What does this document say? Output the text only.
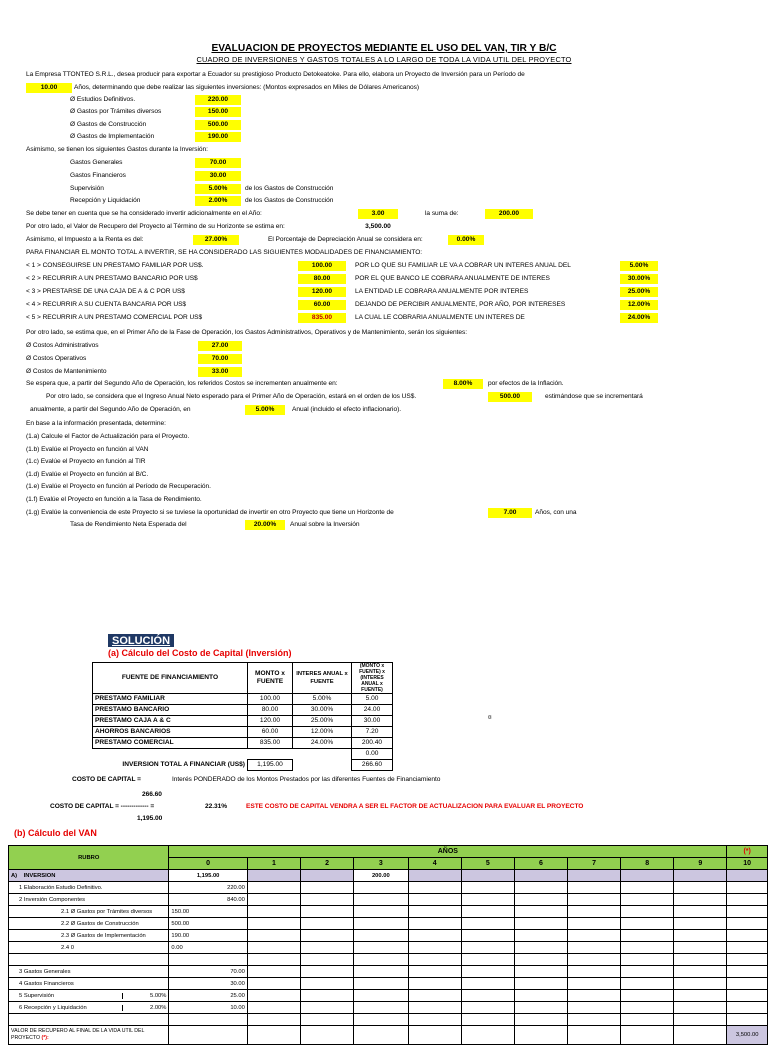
EVALUACION DE PROYECTOS MEDIANTE EL USO DEL VAN, TIR Y B/C
CUADRO DE INVERSIONES Y GASTOS TOTALES A LO LARGO DE TODA LA VIDA UTIL DEL PROYECTO
La Empresa TTONTEO S.R.L., desea producir para exportar a Ecuador su prestigioso Producto Detokeatoke. Para ello, elabora un Proyecto de Inversión para un Período de
10.00	Años, determinando que debe realizar las siguientes inversiones: (Montos expresados en Miles de Dólares Americanos)
Ø Estudios Definitivos.	220.00
Ø Gastos por Trámites diversos	150.00
Ø Gastos de Construcción	500.00
Ø Gastos de Implementación	190.00
Asimismo, se tienen los siguientes Gastos durante la Inversión:
Gastos Generales	70.00
Gastos Financieros	30.00
Supervisión	5.00%	de los Gastos de Construcción
Recepción y Liquidación	2.00%	de los Gastos de Construcción
Se debe tener en cuenta que se ha considerado invertir adicionalmente en el Año:	3.00	la suma de:	200.00
Por otro lado, el Valor de Recupero del Proyecto al Término de su Horizonte se estima en:	3,500.00
Asimismo, el Impuesto a la Renta es del:	27.00%	El Porcentaje de Depreciación Anual se considera en:	0.00%
PARA FINANCIAR EL MONTO TOTAL A INVERTIR, SE HA CONSIDERADO LAS SIGUIENTES MODALIDADES DE FINANCIAMIENTO:
< 1 > CONSEGUIRSE UN PRESTAMO FAMILIAR POR US$.	100.00	POR LO QUE SU FAMILIAR LE VA A COBRAR UN INTERES ANUAL DEL	5.00%
< 2 > RECURRIR A UN PRESTAMO BANCARIO POR US$	80.00	POR EL QUE BANCO LE COBRARA ANUALMENTE DE INTERES	30.00%
< 3 > PRESTARSE DE UNA CAJA DE A & C POR US$	120.00	LA ENTIDAD LE COBRARA ANUALMENTE POR INTERES	25.00%
< 4 > RECURRIR A SU CUENTA BANCARIA POR US$	60.00	DEJANDO DE PERCIBIR ANUALMENTE, POR AÑO, POR INTERESES	12.00%
< 5 > RECURRIR A UN PRESTAMO COMERCIAL POR US$	835.00	LA CUAL LE COBRARIA ANUALMENTE UN INTERES DE	24.00%
Por otro lado, se estima que, en el Primer Año de la Fase de Operación, los Gastos Administrativos, Operativos y de Mantenimiento, serán los siguientes:
Ø Costos Administrativos	27.00
Ø Costos Operativos	70.00
Ø Costos de Mantenimiento	33.00
Se espera que, a partir del Segundo Año de Operación, los referidos Costos se incrementen anualmente en:	8.00%	por efectos de la Inflación.
Por otro lado, se considera que el Ingreso Anual Neto esperado para el Primer Año de Operación, estará en el orden de los US$.	500.00	estimándose que se incrementará
anualmente, a partir del Segundo Año de Operación, en	5.00%	Anual (incluido el efecto inflacionario).
En base a la información presentada, determine:
(1.a) Calcule el Factor de Actualización para el Proyecto.
(1.b) Evalúe el Proyecto en función al VAN
(1.c) Evalúe el Proyecto en función al TIR
(1.d) Evalúe el Proyecto en función al B/C.
(1.e) Evalúe el Proyecto en función al Período de Recuperación.
(1.f) Evalúe el Proyecto en función a la Tasa de Rendimiento.
(1.g) Evalúe la conveniencia de este Proyecto si se tuviese la oportunidad de invertir en otro Proyecto que tiene un Horizonte de	7.00	Años, con una
Tasa de Rendimiento Neta Esperada del	20.00%	Anual sobre la Inversión
SOLUCIÓN
(a) Cálculo del Costo de Capital (Inversión)
FUENTE DE FINANCIAMIENTO	MONTO x FUENTE	INTERES ANUAL x FUENTE	(MONTO x FUENTE) x (INTERES ANUAL x FUENTE)
PRESTAMO FAMILIAR	100.00	5.00%	5.00
PRESTAMO BANCARIO	80.00	30.00%	24.00
PRESTAMO CAJA A & C	120.00	25.00%	30.00
AHORROS BANCARIOS	60.00	12.00%	7.20
PRESTAMO COMERCIAL	835.00	24.00%	200.40
			0.00
INVERSION TOTAL A FINANCIAR (US$)	1,195.00		266.60
¤
COSTO DE CAPITAL =	Interés PONDERADO de los Montos Prestados por las diferentes Fuentes de Financiamiento
266.60
COSTO DE CAPITAL = ------------- =	22.31%	ESTE COSTO DE CAPITAL VENDRA A SER EL FACTOR DE ACTUALIZACION PARA EVALUAR EL PROYECTO
1,195.00
(b) Cálculo del VAN
RUBRO	AÑOS										(*)
	0	1	2	3	4	5	6	7	8	9	10
A) INVERSION	1,195.00			200.00							
1 Elaboración Estudio Definitivo.	220.00										
2 Inversión Componentes	840.00										
2.1 Ø Gastos por Trámites diversos	150.00										
2.2 Ø Gastos de Construcción	500.00										
2.3 Ø Gastos de Implementación	190.00										
2.4 0	0.00										

3 Gastos Generales	70.00										
4 Gastos Financieros	30.00										
5 Supervisión 5.00%	25.00										
6 Recepción y Liquidación 2.00%	10.00										

VALOR DE RECUPERO AL FINAL DE LA VIDA UTIL DEL
PROYECTO (*):											3,500.00
